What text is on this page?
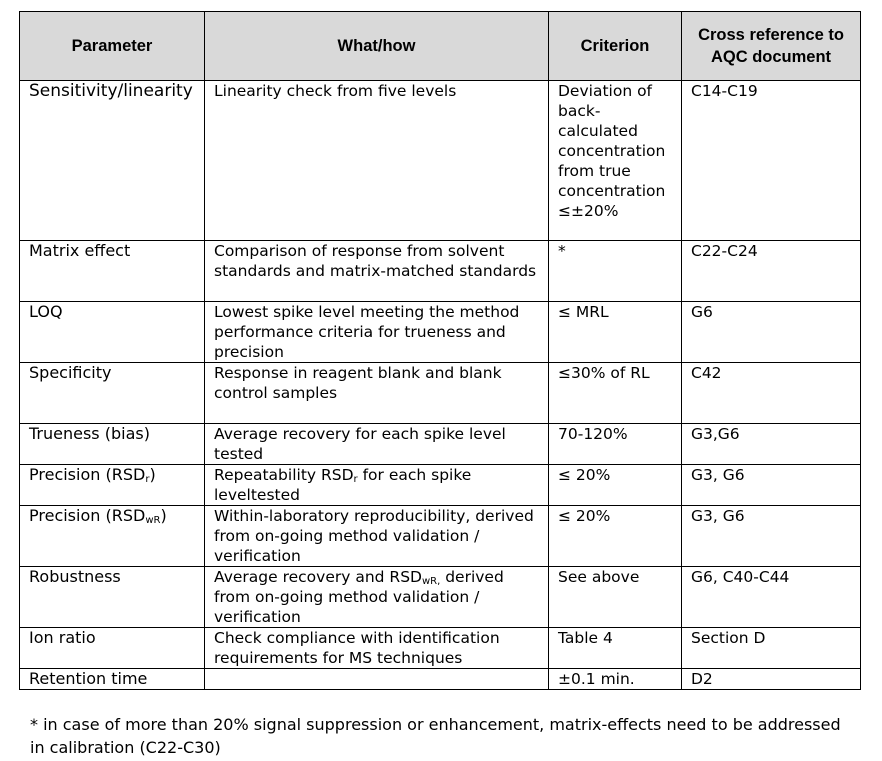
Parameter	What/how	Criterion	Cross reference to AQC document
Sensitivity/linearity	Linearity check from five levels	Deviation of back-calculated concentration from true concentration ≤±20%	C14-C19
Matrix effect	Comparison of response from solvent standards and matrix-matched standards	*	C22-C24
LOQ	Lowest spike level meeting the method performance criteria for trueness and precision	≤ MRL	G6
Specificity	Response in reagent blank and blank control samples	≤30% of RL	C42
Trueness (bias)	Average recovery for each spike level tested	70-120%	G3,G6
Precision $(RSD_r)$	Repeatability $RSD_r$ for each spike leveltested	≤ 20%	G3, G6
Precision $(RSD_{wR})$	Within-laboratory reproducibility, derived from on-going method validation / verification	≤ 20%	G3, G6
Robustness	Average recovery and $RSD_{wR,}$ derived from on-going method validation / verification	See above	G6, C40-C44
Ion ratio	Check compliance with identification requirements for MS techniques	Table 4	Section D
Retention time		±0.1 min.	D2
* in case of more than 20% signal suppression or enhancement, matrix-effects need to be addressed in calibration (C22-C30)
